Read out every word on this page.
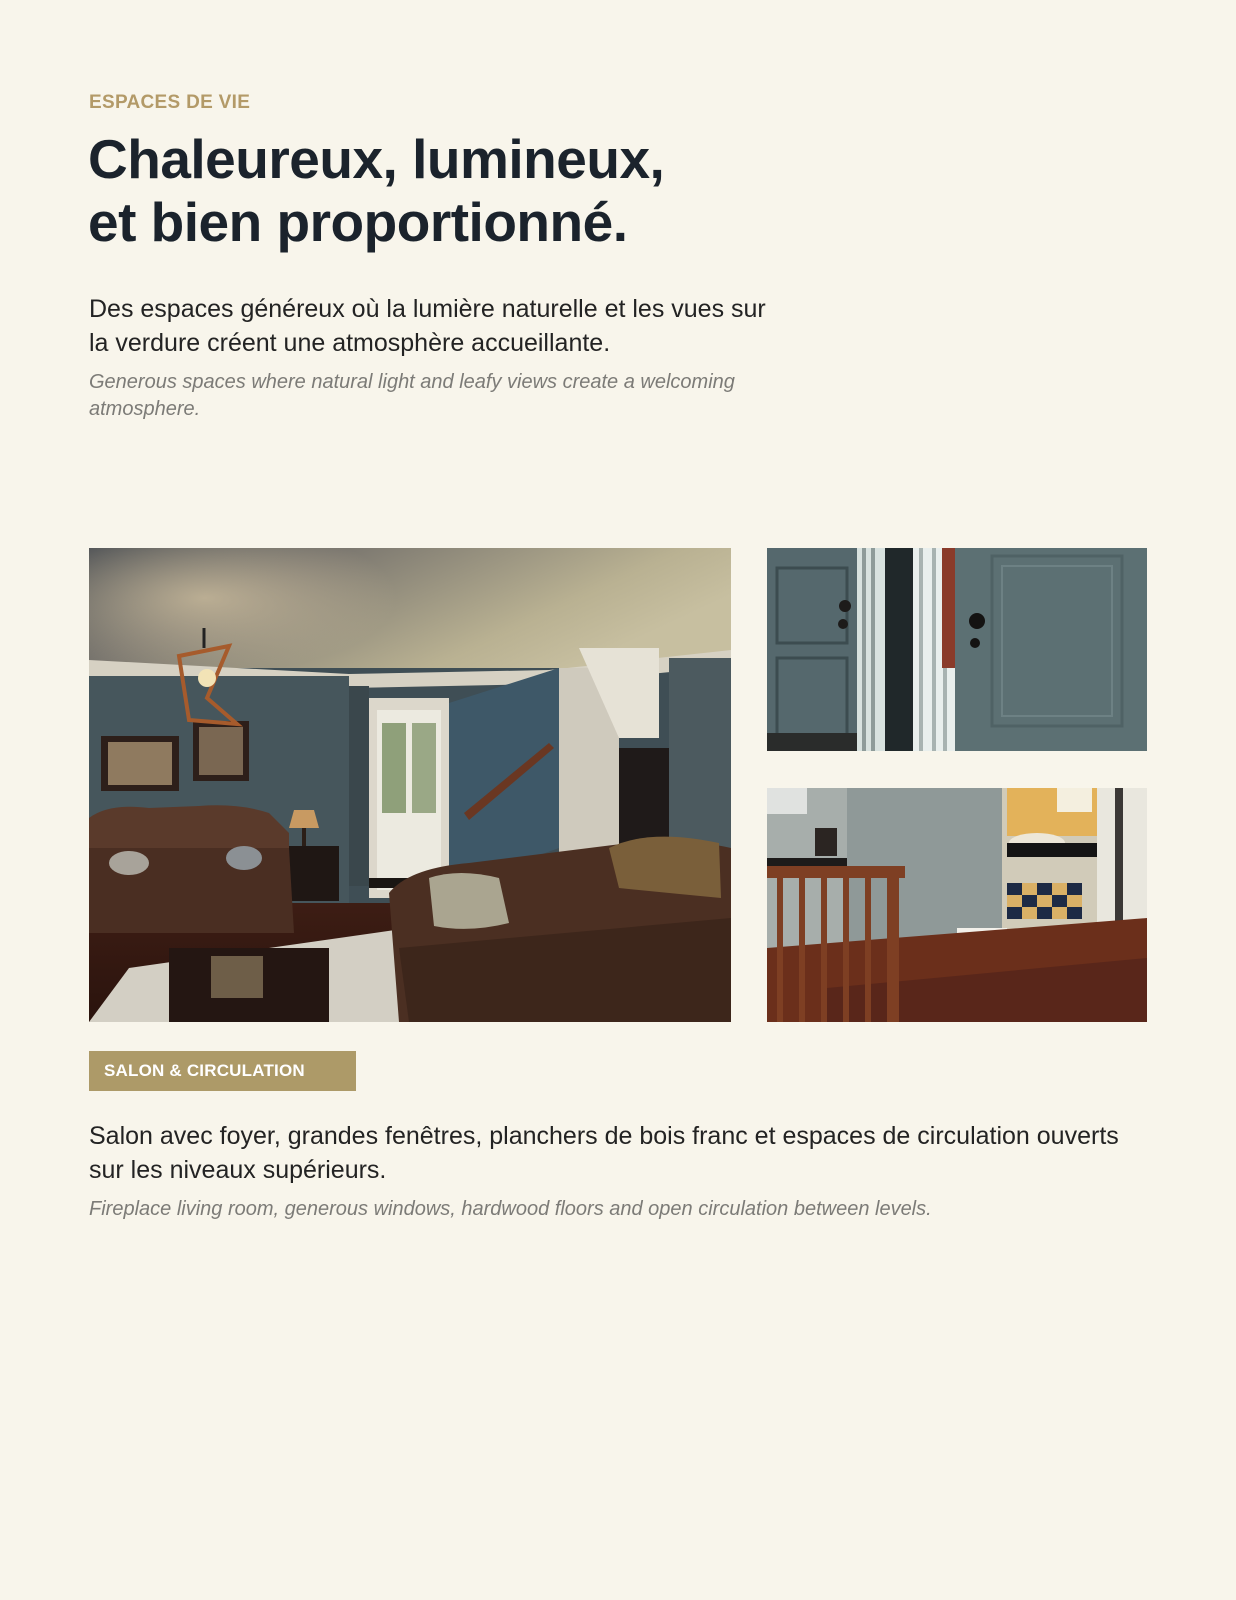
ESPACES DE VIE
Chaleureux, lumineux,
et bien proportionné.

Des espaces généreux où la lumière naturelle et les vues sur la verdure créent une atmosphère accueillante.

Generous spaces where natural light and leafy views create a welcoming atmosphere.

SALON & CIRCULATION

Salon avec foyer, grandes fenêtres, planchers de bois franc et espaces de circulation ouverts sur les niveaux supérieurs.

Fireplace living room, generous windows, hardwood floors and open circulation between levels.
